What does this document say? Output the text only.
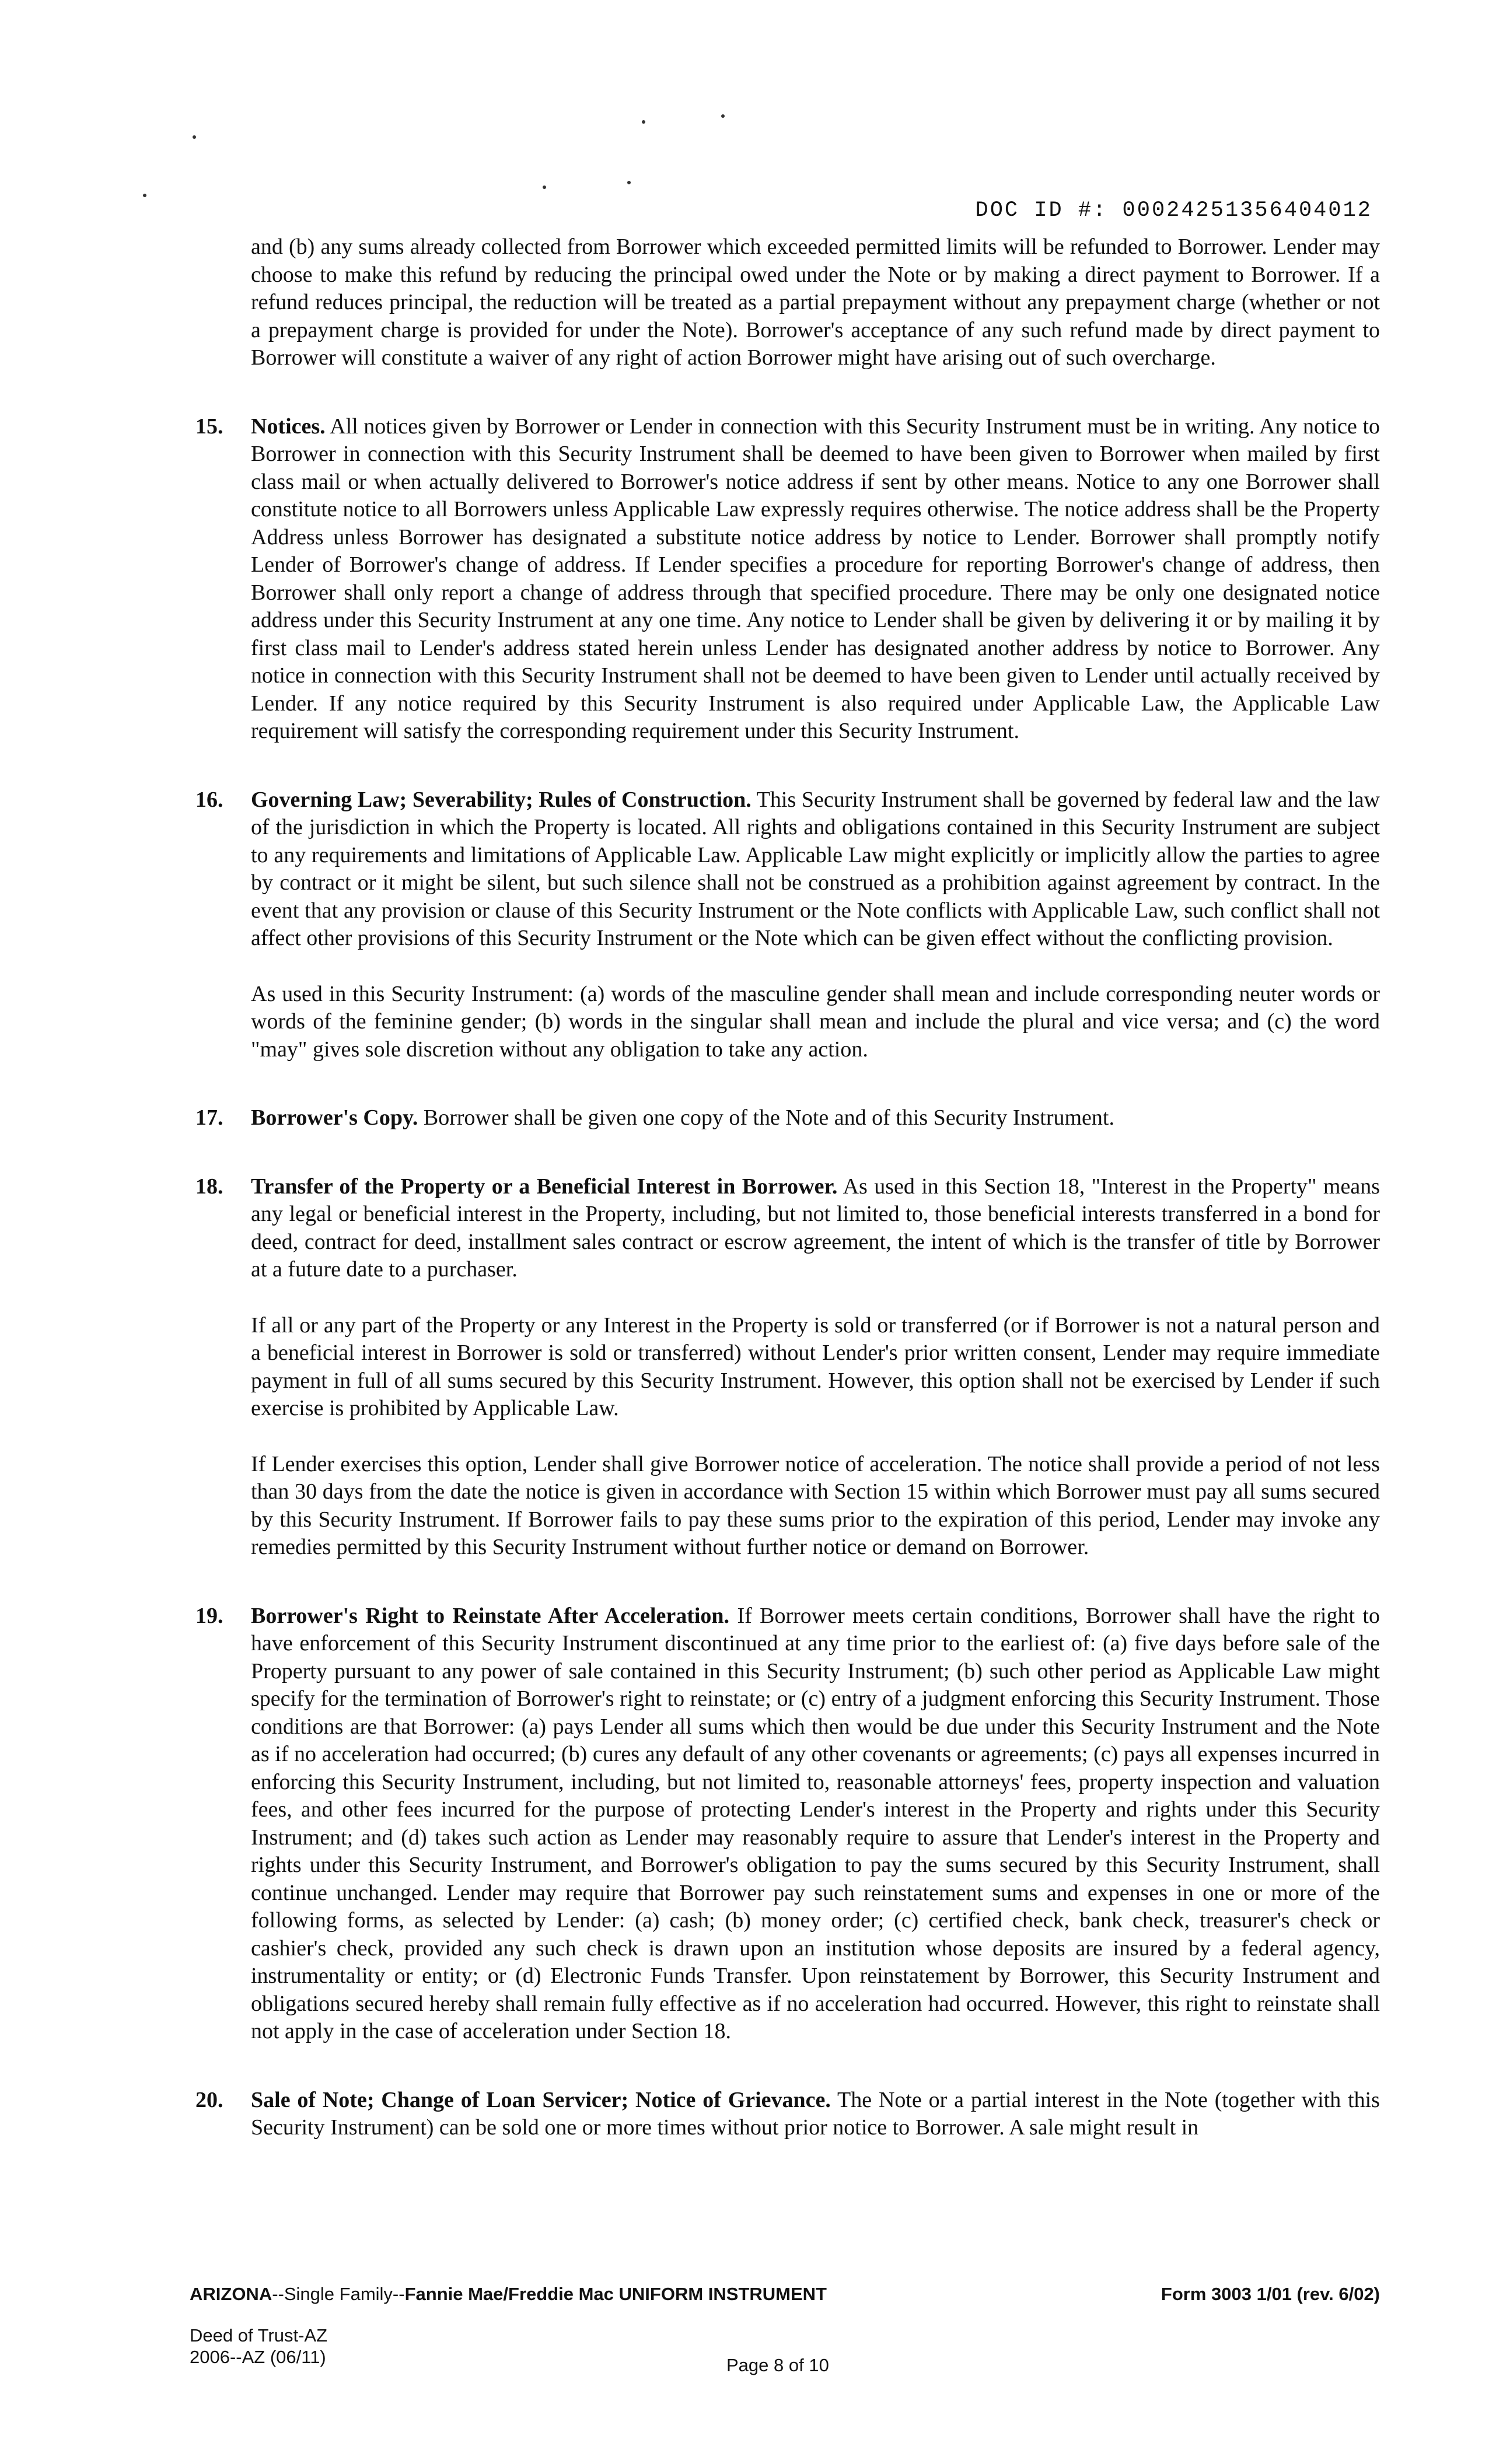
DOC ID #: 00024251356404012

and (b) any sums already collected from Borrower which exceeded permitted limits will be refunded to Borrower. Lender may choose to make this refund by reducing the principal owed under the Note or by making a direct payment to Borrower. If a refund reduces principal, the reduction will be treated as a partial prepayment without any prepayment charge (whether or not a prepayment charge is provided for under the Note). Borrower's acceptance of any such refund made by direct payment to Borrower will constitute a waiver of any right of action Borrower might have arising out of such overcharge.

15. Notices. All notices given by Borrower or Lender in connection with this Security Instrument must be in writing. Any notice to Borrower in connection with this Security Instrument shall be deemed to have been given to Borrower when mailed by first class mail or when actually delivered to Borrower's notice address if sent by other means. Notice to any one Borrower shall constitute notice to all Borrowers unless Applicable Law expressly requires otherwise. The notice address shall be the Property Address unless Borrower has designated a substitute notice address by notice to Lender. Borrower shall promptly notify Lender of Borrower's change of address. If Lender specifies a procedure for reporting Borrower's change of address, then Borrower shall only report a change of address through that specified procedure. There may be only one designated notice address under this Security Instrument at any one time. Any notice to Lender shall be given by delivering it or by mailing it by first class mail to Lender's address stated herein unless Lender has designated another address by notice to Borrower. Any notice in connection with this Security Instrument shall not be deemed to have been given to Lender until actually received by Lender. If any notice required by this Security Instrument is also required under Applicable Law, the Applicable Law requirement will satisfy the corresponding requirement under this Security Instrument.

16. Governing Law; Severability; Rules of Construction. This Security Instrument shall be governed by federal law and the law of the jurisdiction in which the Property is located. All rights and obligations contained in this Security Instrument are subject to any requirements and limitations of Applicable Law. Applicable Law might explicitly or implicitly allow the parties to agree by contract or it might be silent, but such silence shall not be construed as a prohibition against agreement by contract. In the event that any provision or clause of this Security Instrument or the Note conflicts with Applicable Law, such conflict shall not affect other provisions of this Security Instrument or the Note which can be given effect without the conflicting provision.

As used in this Security Instrument: (a) words of the masculine gender shall mean and include corresponding neuter words or words of the feminine gender; (b) words in the singular shall mean and include the plural and vice versa; and (c) the word "may" gives sole discretion without any obligation to take any action.

17. Borrower's Copy. Borrower shall be given one copy of the Note and of this Security Instrument.

18. Transfer of the Property or a Beneficial Interest in Borrower. As used in this Section 18, "Interest in the Property" means any legal or beneficial interest in the Property, including, but not limited to, those beneficial interests transferred in a bond for deed, contract for deed, installment sales contract or escrow agreement, the intent of which is the transfer of title by Borrower at a future date to a purchaser.

If all or any part of the Property or any Interest in the Property is sold or transferred (or if Borrower is not a natural person and a beneficial interest in Borrower is sold or transferred) without Lender's prior written consent, Lender may require immediate payment in full of all sums secured by this Security Instrument. However, this option shall not be exercised by Lender if such exercise is prohibited by Applicable Law.

If Lender exercises this option, Lender shall give Borrower notice of acceleration. The notice shall provide a period of not less than 30 days from the date the notice is given in accordance with Section 15 within which Borrower must pay all sums secured by this Security Instrument. If Borrower fails to pay these sums prior to the expiration of this period, Lender may invoke any remedies permitted by this Security Instrument without further notice or demand on Borrower.

19. Borrower's Right to Reinstate After Acceleration. If Borrower meets certain conditions, Borrower shall have the right to have enforcement of this Security Instrument discontinued at any time prior to the earliest of: (a) five days before sale of the Property pursuant to any power of sale contained in this Security Instrument; (b) such other period as Applicable Law might specify for the termination of Borrower's right to reinstate; or (c) entry of a judgment enforcing this Security Instrument. Those conditions are that Borrower: (a) pays Lender all sums which then would be due under this Security Instrument and the Note as if no acceleration had occurred; (b) cures any default of any other covenants or agreements; (c) pays all expenses incurred in enforcing this Security Instrument, including, but not limited to, reasonable attorneys' fees, property inspection and valuation fees, and other fees incurred for the purpose of protecting Lender's interest in the Property and rights under this Security Instrument; and (d) takes such action as Lender may reasonably require to assure that Lender's interest in the Property and rights under this Security Instrument, and Borrower's obligation to pay the sums secured by this Security Instrument, shall continue unchanged. Lender may require that Borrower pay such reinstatement sums and expenses in one or more of the following forms, as selected by Lender: (a) cash; (b) money order; (c) certified check, bank check, treasurer's check or cashier's check, provided any such check is drawn upon an institution whose deposits are insured by a federal agency, instrumentality or entity; or (d) Electronic Funds Transfer. Upon reinstatement by Borrower, this Security Instrument and obligations secured hereby shall remain fully effective as if no acceleration had occurred. However, this right to reinstate shall not apply in the case of acceleration under Section 18.

20. Sale of Note; Change of Loan Servicer; Notice of Grievance. The Note or a partial interest in the Note (together with this Security Instrument) can be sold one or more times without prior notice to Borrower. A sale might result in

ARIZONA--Single Family--Fannie Mae/Freddie Mac UNIFORM INSTRUMENT	Form 3003 1/01 (rev. 6/02)
Deed of Trust-AZ
2006--AZ (06/11)	Page 8 of 10
